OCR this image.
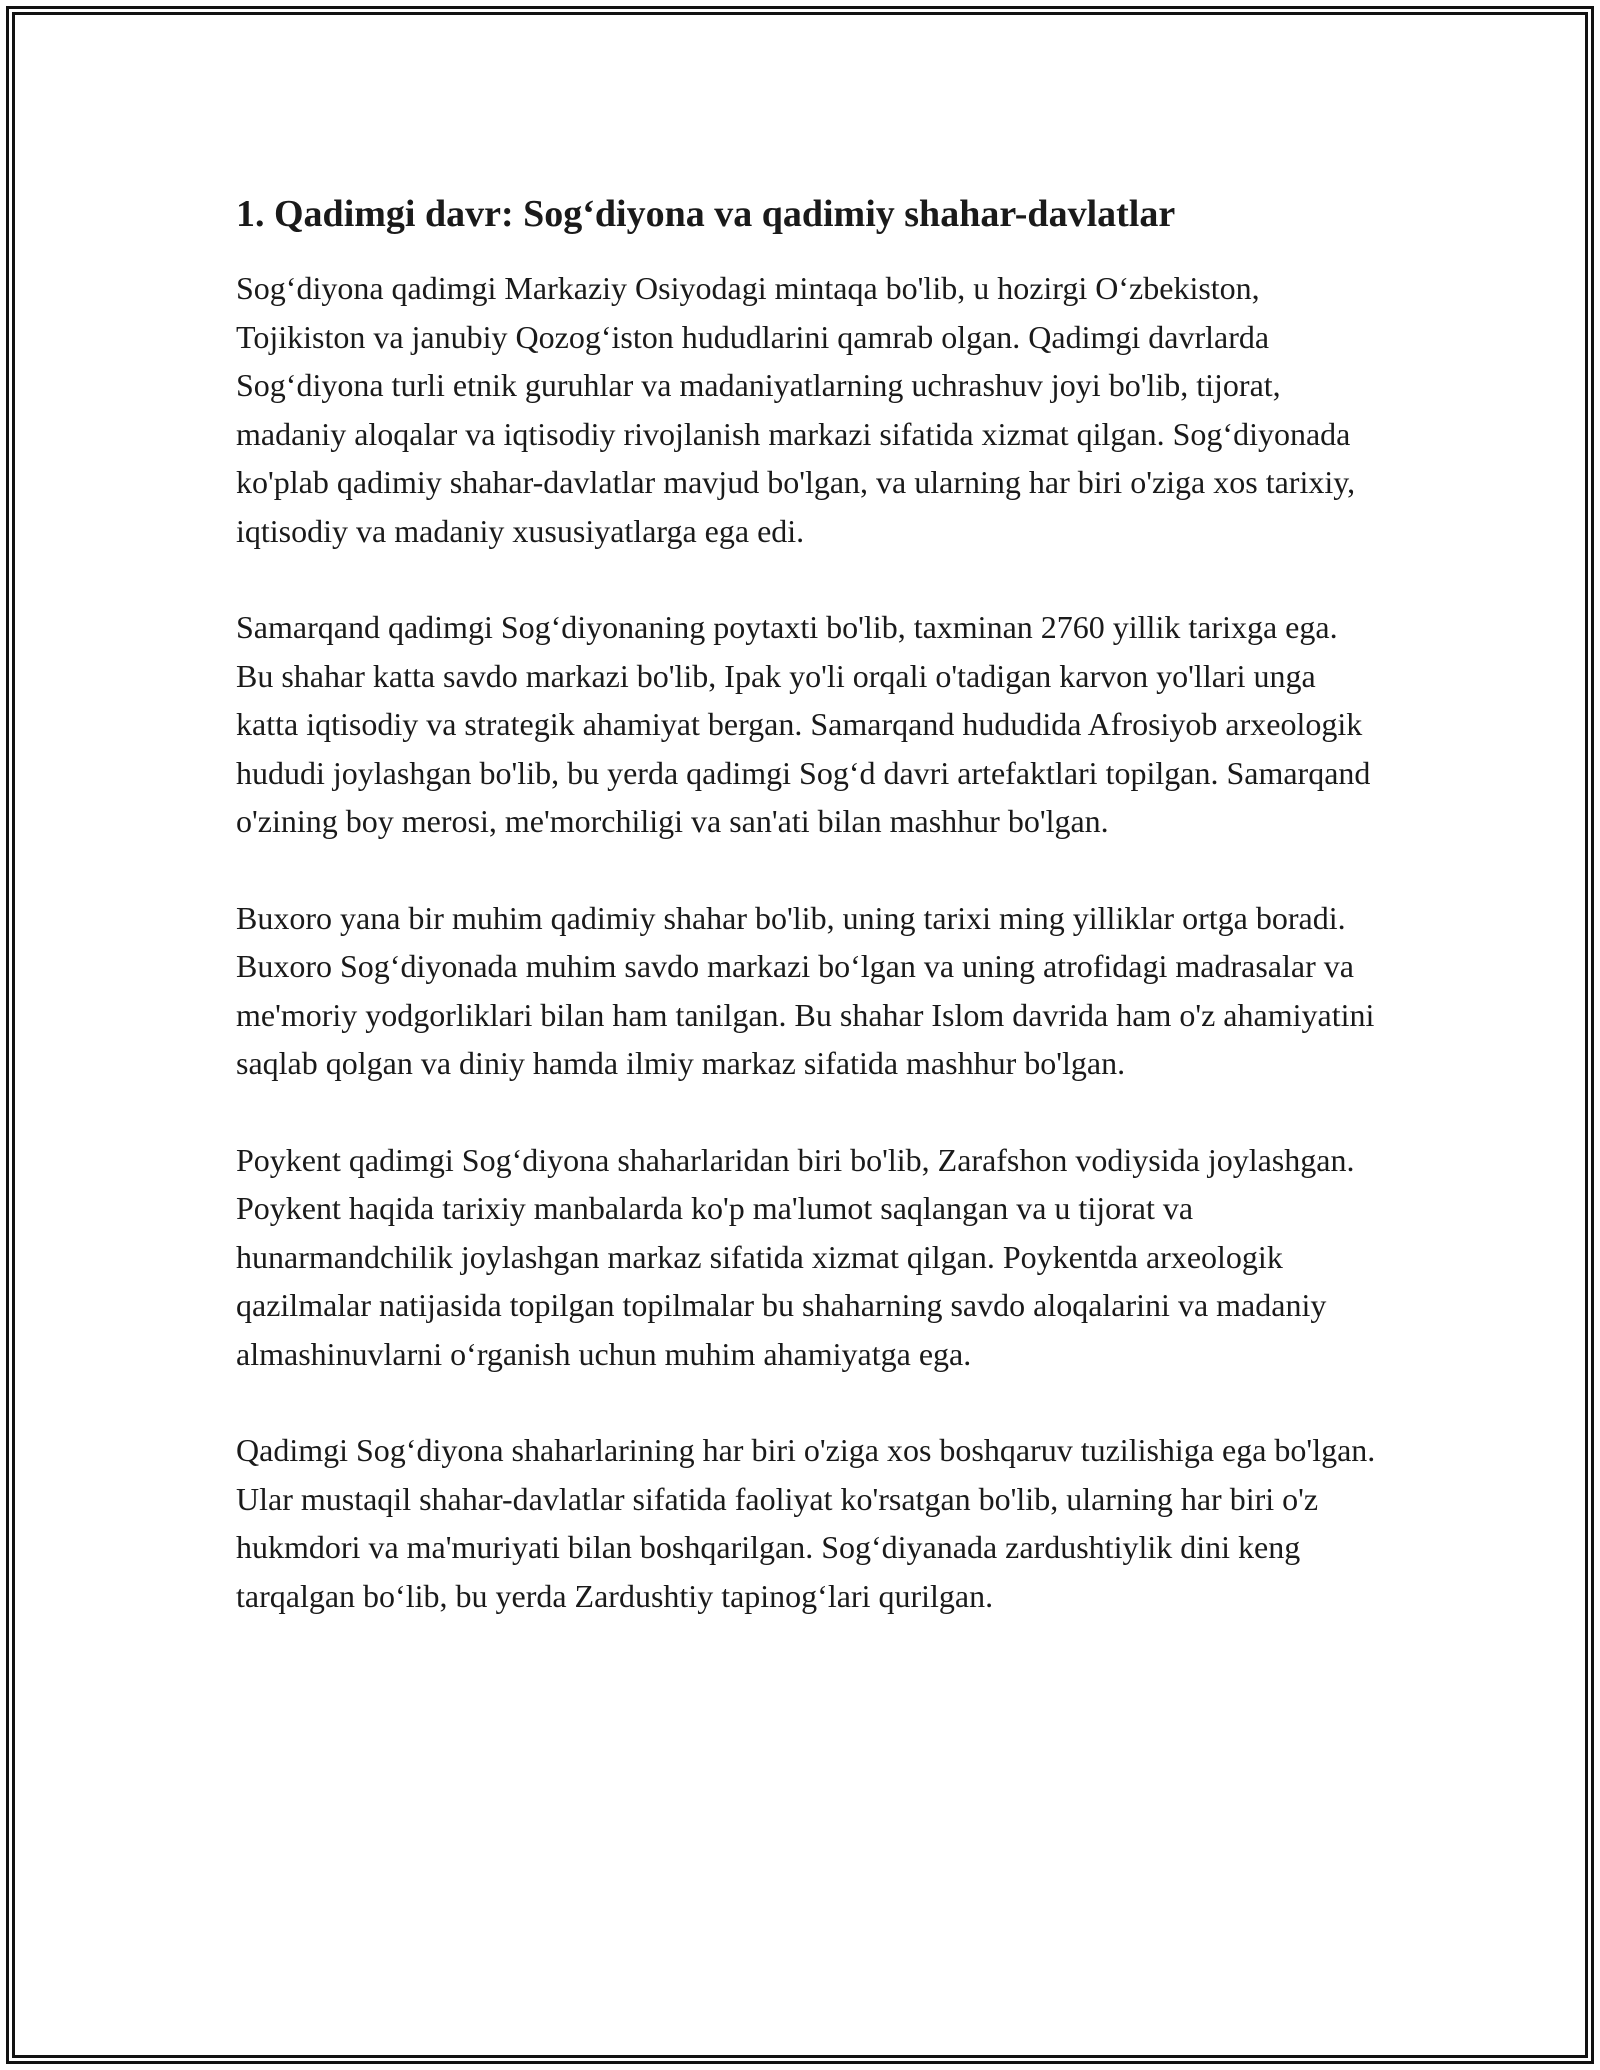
1. Qadimgi davr: Sog‘diyona va qadimiy shahar-davlatlar

Sog‘diyona qadimgi Markaziy Osiyodagi mintaqa bo'lib, u hozirgi O‘zbekiston, Tojikiston va janubiy Qozog‘iston hududlarini qamrab olgan. Qadimgi davrlarda Sog‘diyona turli etnik guruhlar va madaniyatlarning uchrashuv joyi bo'lib, tijorat, madaniy aloqalar va iqtisodiy rivojlanish markazi sifatida xizmat qilgan. Sog‘diyonada ko'plab qadimiy shahar-davlatlar mavjud bo'lgan, va ularning har biri o'ziga xos tarixiy, iqtisodiy va madaniy xususiyatlarga ega edi.

Samarqand qadimgi Sog‘diyonaning poytaxti bo'lib, taxminan 2760 yillik tarixga ega. Bu shahar katta savdo markazi bo'lib, Ipak yo'li orqali o'tadigan karvon yo'llari unga katta iqtisodiy va strategik ahamiyat bergan. Samarqand hududida Afrosiyob arxeologik hududi joylashgan bo'lib, bu yerda qadimgi Sog‘d davri artefaktlari topilgan. Samarqand o'zining boy merosi, me'morchiligi va san'ati bilan mashhur bo'lgan.

Buxoro yana bir muhim qadimiy shahar bo'lib, uning tarixi ming yilliklar ortga boradi. Buxoro Sog‘diyonada muhim savdo markazi bo‘lgan va uning atrofidagi madrasalar va me'moriy yodgorliklari bilan ham tanilgan. Bu shahar Islom davrida ham o'z ahamiyatini saqlab qolgan va diniy hamda ilmiy markaz sifatida mashhur bo'lgan.

Poykent qadimgi Sog‘diyona shaharlaridan biri bo'lib, Zarafshon vodiysida joylashgan. Poykent haqida tarixiy manbalarda ko'p ma'lumot saqlangan va u tijorat va hunarmandchilik joylashgan markaz sifatida xizmat qilgan. Poykentda arxeologik qazilmalar natijasida topilgan topilmalar bu shaharning savdo aloqalarini va madaniy almashinuvlarni o‘rganish uchun muhim ahamiyatga ega.

Qadimgi Sog‘diyona shaharlarining har biri o'ziga xos boshqaruv tuzilishiga ega bo'lgan. Ular mustaqil shahar-davlatlar sifatida faoliyat ko'rsatgan bo'lib, ularning har biri o'z hukmdori va ma'muriyati bilan boshqarilgan. Sog‘diyanada zardushtiylik dini keng tarqalgan bo‘lib, bu yerda Zardushtiy tapinog‘lari qurilgan.
